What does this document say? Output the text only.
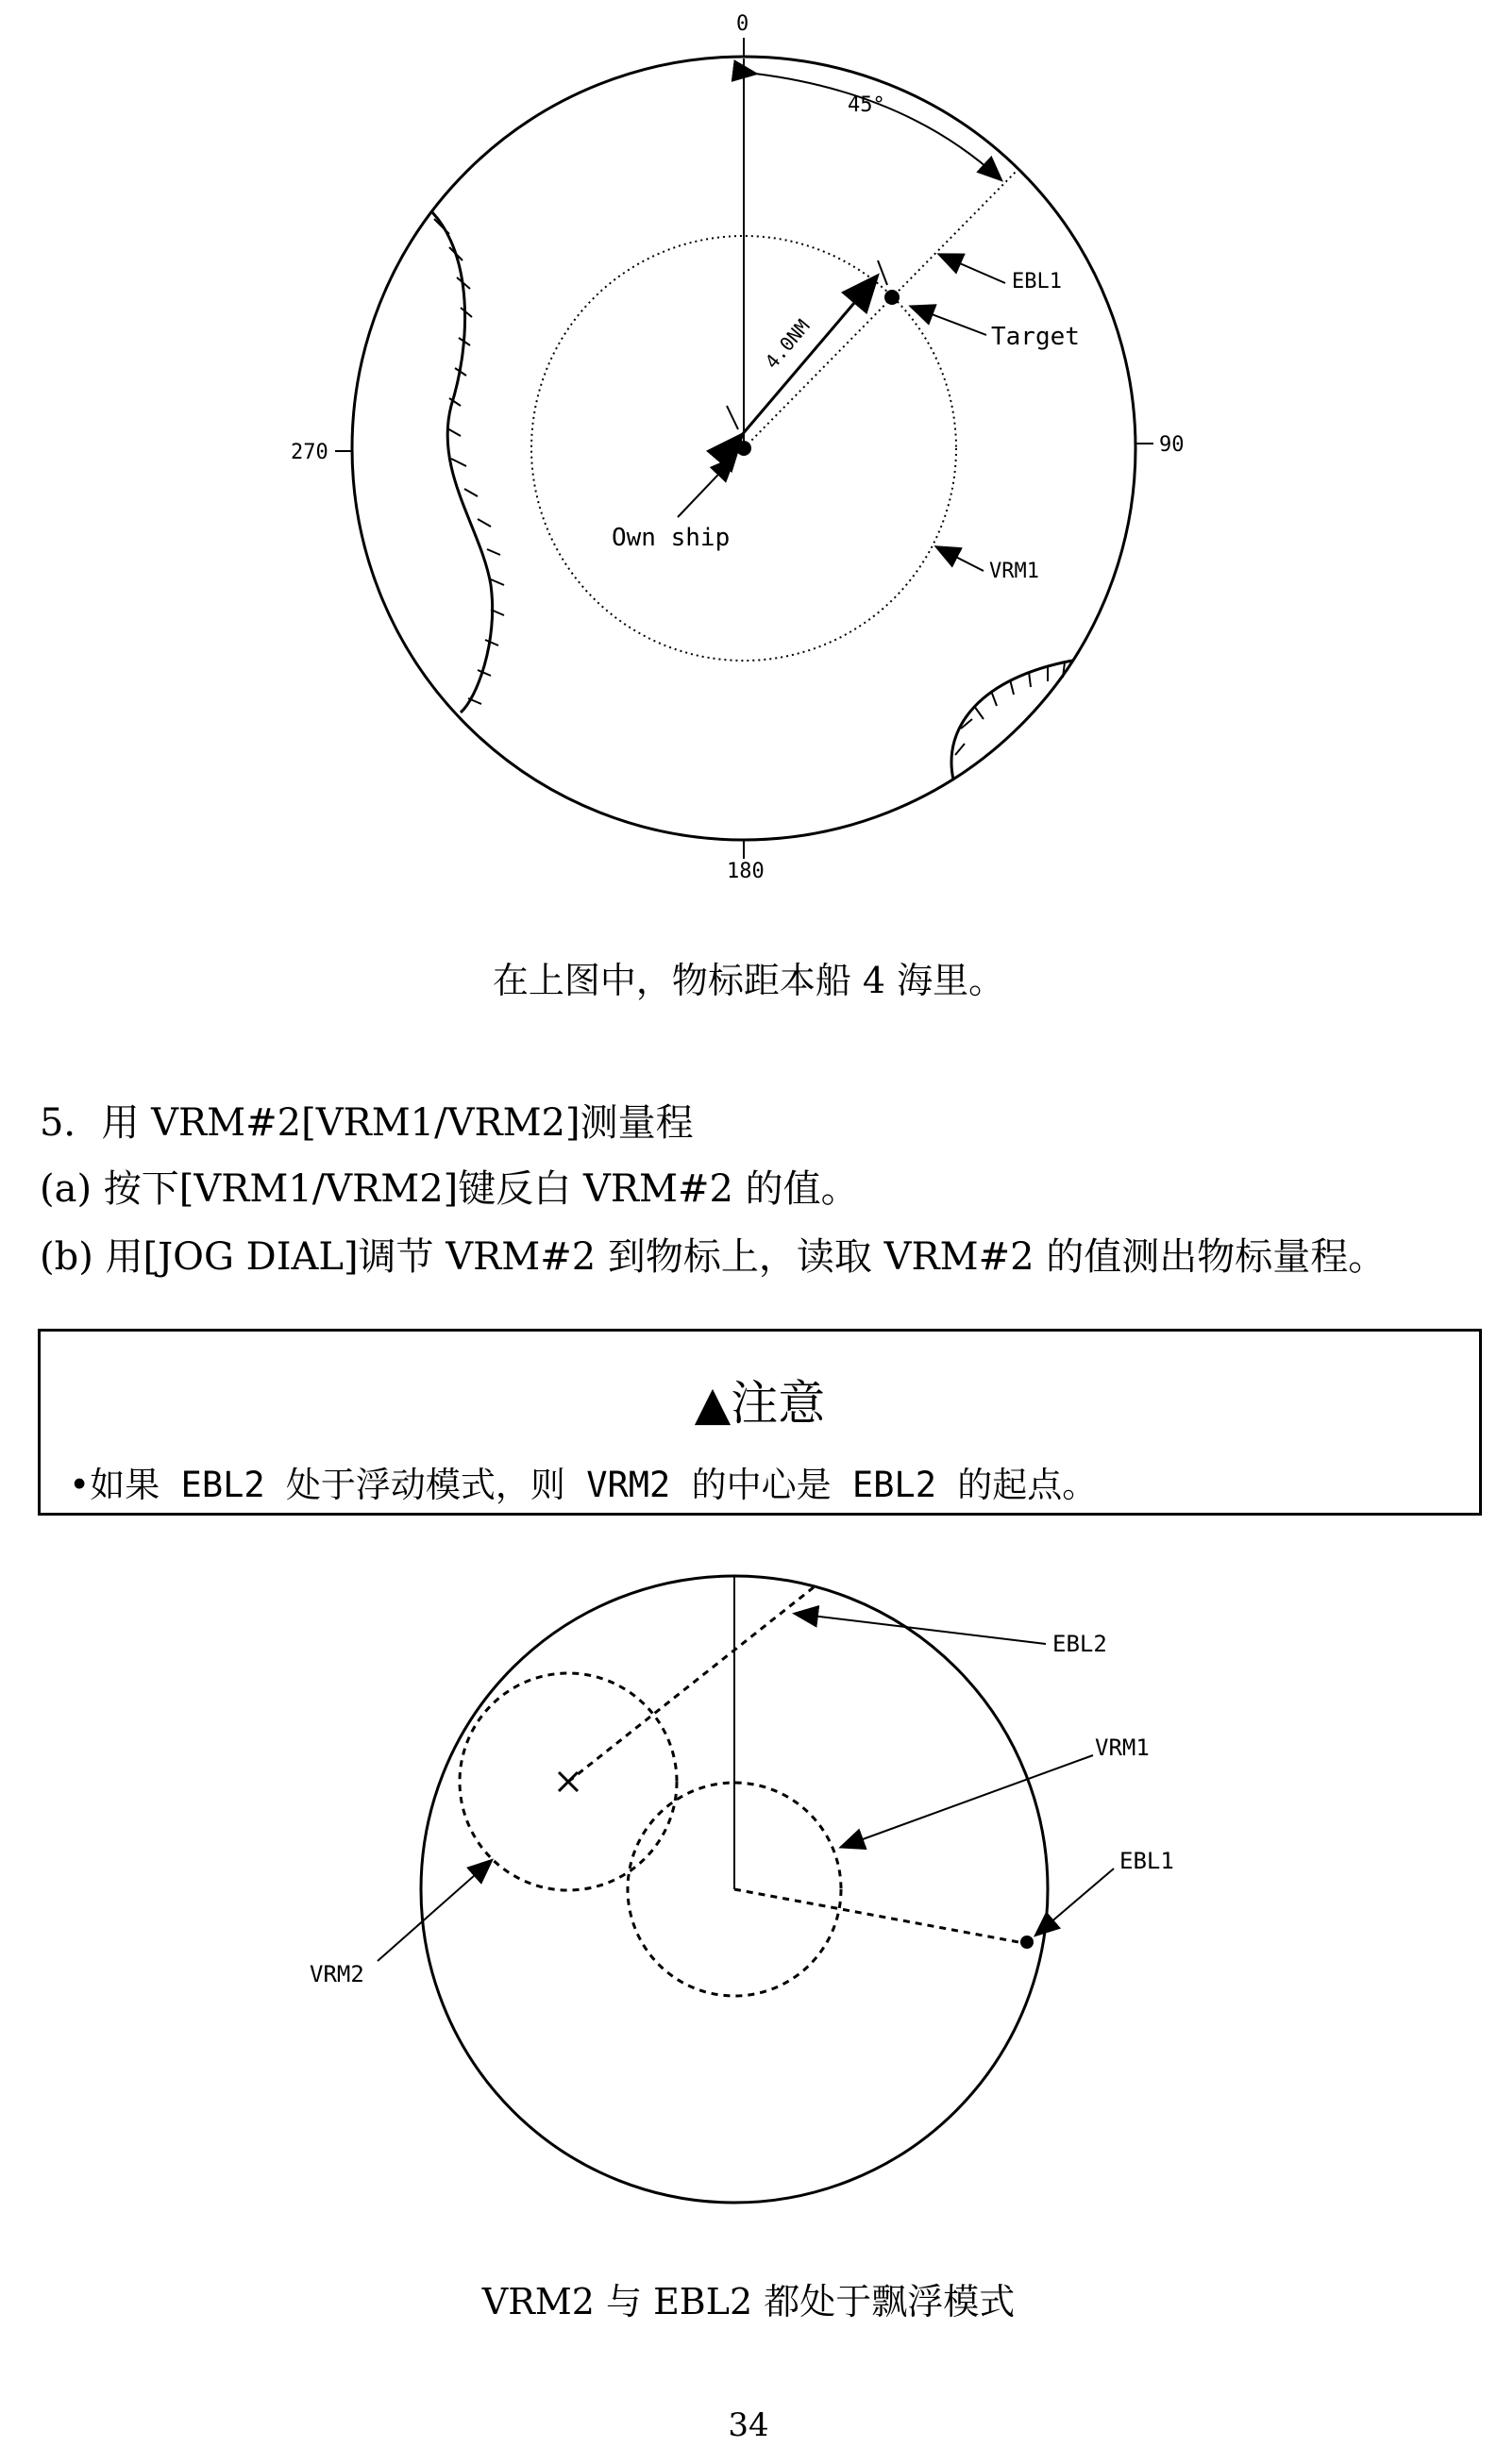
0
90
180
270
45°
4.0NM
EBL1
Target
Own ship
VRM1
在上图中，物标距本船 4 海里。
5．用 VRM#2[VRM1/VRM2]测量程
(a) 按下[VRM1/VRM2]键反白 VRM#2 的值。
(b) 用[JOG DIAL]调节 VRM#2 到物标上，读取 VRM#2 的值测出物标量程。
▲注意
•如果 EBL2 处于浮动模式，则 VRM2 的中心是 EBL2 的起点。
EBL2
VRM1
EBL1
VRM2
VRM2 与 EBL2 都处于飘浮模式
34
